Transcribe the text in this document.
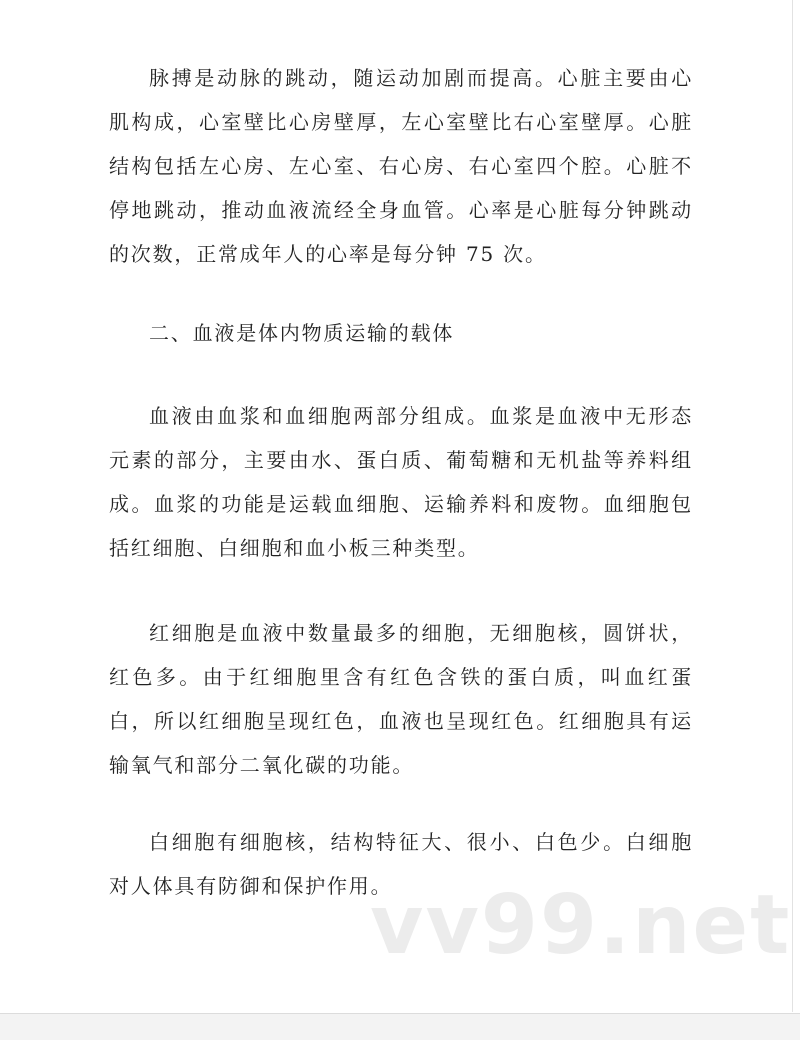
脉搏是动脉的跳动，随运动加剧而提高。心脏主要由心肌构成，心室壁比心房壁厚，左心室壁比右心室壁厚。心脏结构包括左心房、左心室、右心房、右心室四个腔。心脏不停地跳动，推动血液流经全身血管。心率是心脏每分钟跳动的次数，正常成年人的心率是每分钟 75 次。

二、血液是体内物质运输的载体

血液由血浆和血细胞两部分组成。血浆是血液中无形态元素的部分，主要由水、蛋白质、葡萄糖和无机盐等养料组成。血浆的功能是运载血细胞、运输养料和废物。血细胞包括红细胞、白细胞和血小板三种类型。

红细胞是血液中数量最多的细胞，无细胞核，圆饼状，红色多。由于红细胞里含有红色含铁的蛋白质，叫血红蛋白，所以红细胞呈现红色，血液也呈现红色。红细胞具有运输氧气和部分二氧化碳的功能。

白细胞有细胞核，结构特征大、很小、白色少。白细胞对人体具有防御和保护作用。

vv99.net
